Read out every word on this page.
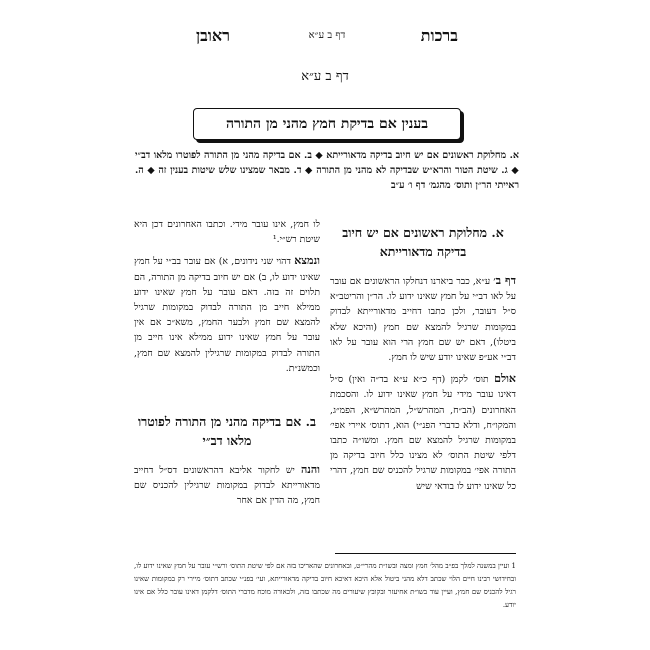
ברכות
דף ב ע״א
ראובן
דף ב ע״א
בענין אם בדיקת חמץ מהני מן התורה
א. מחלוקת ראשונים אם יש חיוב בדיקה מדאורייתא ◆ ב. אם בדיקה מהני מן התורה לפוטרו מלאו דב״י ◆ ג. שיטת הטור והרא״ש שבדיקה לא מהני מן התורה ◆ ד. מבאר שמצינו שלש שיטות בענין זה ◆ ה. ראייתי הר״ן ותוס׳ מהגמ׳ דף ו׳ ע״ב
א. מחלוקת ראשונים אם יש חיוב בדיקה מדאורייתא

דף ב׳ ע״א, כבר ביארנו דנחלקו הראשונים אם עובר על לאו דב״י על חמץ שאינו ידוע לו. הר״ן והריטב״א ס״ל דעובר, ולכן כתבו דחייב מדאורייתא לבדוק במקומות שרגיל להמצא שם חמץ (והיכא שלא ביטלו), דאם יש שם חמץ הרי הוא עובר על לאו דב״י אע״פ שאינו יודע שיש לו חמץ.

אולם תוס׳ לקמן (דף כ״א ע״א בד״ה ואין) ס״ל דאינו עובר מידי על חמץ שאינו ידוע לו. והסכמת האחרונים (הב״ח, המהרש״ל, המהרש״א, הפמ״ג, והמקו״ח, ודלא כדברי הפנ״י) הוא, דתוס׳ איירי אפי׳ במקומות שרגיל להמצא שם חמץ. ומשו״ה כתבו דלפי שיטת התוס׳ לא מצינו כלל חיוב בדיקה מן התורה אפי׳ במקומות שרגיל להכניס שם חמץ, דהרי כל שאינו ידוע לו בודאי שיש

לו חמץ, אינו עובר מידי. וכתבו האחרונים דכן היא שיטת רש״י.¹

ונמצא דהוי שני נידונים, א) אם עובר בב״י על חמץ שאינו ידוע לו, ב) אם יש חיוב בדיקה מן התורה, הם תלוים זה בזה. דאם עובר על חמץ שאינו ידוע ממילא חייב מן התורה לבדוק במקומות שרגיל להמצא שם חמץ ולבער החמץ, משא״כ אם אין עובר על חמץ שאינו ידוע ממילא אינו חייב מן התורה לבדוק במקומות שרגילין להמצא שם חמץ, וכמשנ״ת.

ב. אם בדיקה מהני מן התורה לפוטרו מלאו דב״י

והנה יש לחקור אליבא דהראשונים דס״ל דחייב מדאורייתא לבדוק במקומות שרגילין להכניס שם חמץ, מה הדין אם אחר

1 ועיין במשנה למלך בפ״ב מהל׳ חמץ ומצה ובשו״ת מהרי״ט, ובאחרונים שהאריכו בזה אם לפי שיטת התוס׳ ורש״י עובר על חמץ שאינו ידוע לו, ובחידושי רבינו חיים הלוי שכתב דלא מהני ביטול אלא היכא דאיכא חיוב בדיקה מדאורייתא, ועי׳ בפנ״י שכתב דתוס׳ מיירי רק במקומות שאינו רגיל להכניס שם חמץ, ועיין עוד בשו״ת אחיעזר ובקובץ שיעורים מה שכתבו בזה, ולכאורה מוכח מדברי התוס׳ דלקמן דאינו עובר כלל אם אינו יודע.
